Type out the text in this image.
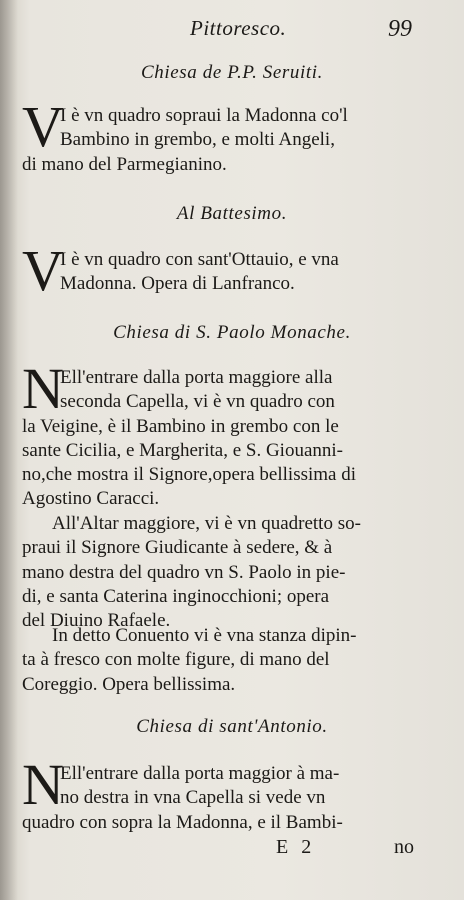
Pittoresco.	99
Chiesa de P.P. Seruiti.
V
I è vn quadro sopraui la Madonna co'l
Bambino in grembo, e molti Angeli,
di mano del Parmegianino.
Al Battesimo.
V
I è vn quadro con sant'Ottauio, e vna
Madonna. Opera di Lanfranco.
Chiesa di S. Paolo Monache.
N
Ell'entrare dalla porta maggiore alla
seconda Capella, vi è vn quadro con
la Veigine, è il Bambino in grembo con le
sante Cicilia, e Margherita, e S. Giouanni-
no,che mostra il Signore,opera bellissima di
Agostino Caracci.
All'Altar maggiore, vi è vn quadretto so-
praui il Signore Giudicante à sedere, & à
mano destra del quadro vn S. Paolo in pie-
di, e santa Caterina inginocchioni; opera
del Diuino Rafaele.
In detto Conuento vi è vna stanza dipin-
ta à fresco con molte figure, di mano del
Coreggio. Opera bellissima.
Chiesa di sant'Antonio.
N
Ell'entrare dalla porta maggior à ma-
no destra in vna Capella si vede vn
quadro con sopra la Madonna, e il Bambi-
E 2	no
